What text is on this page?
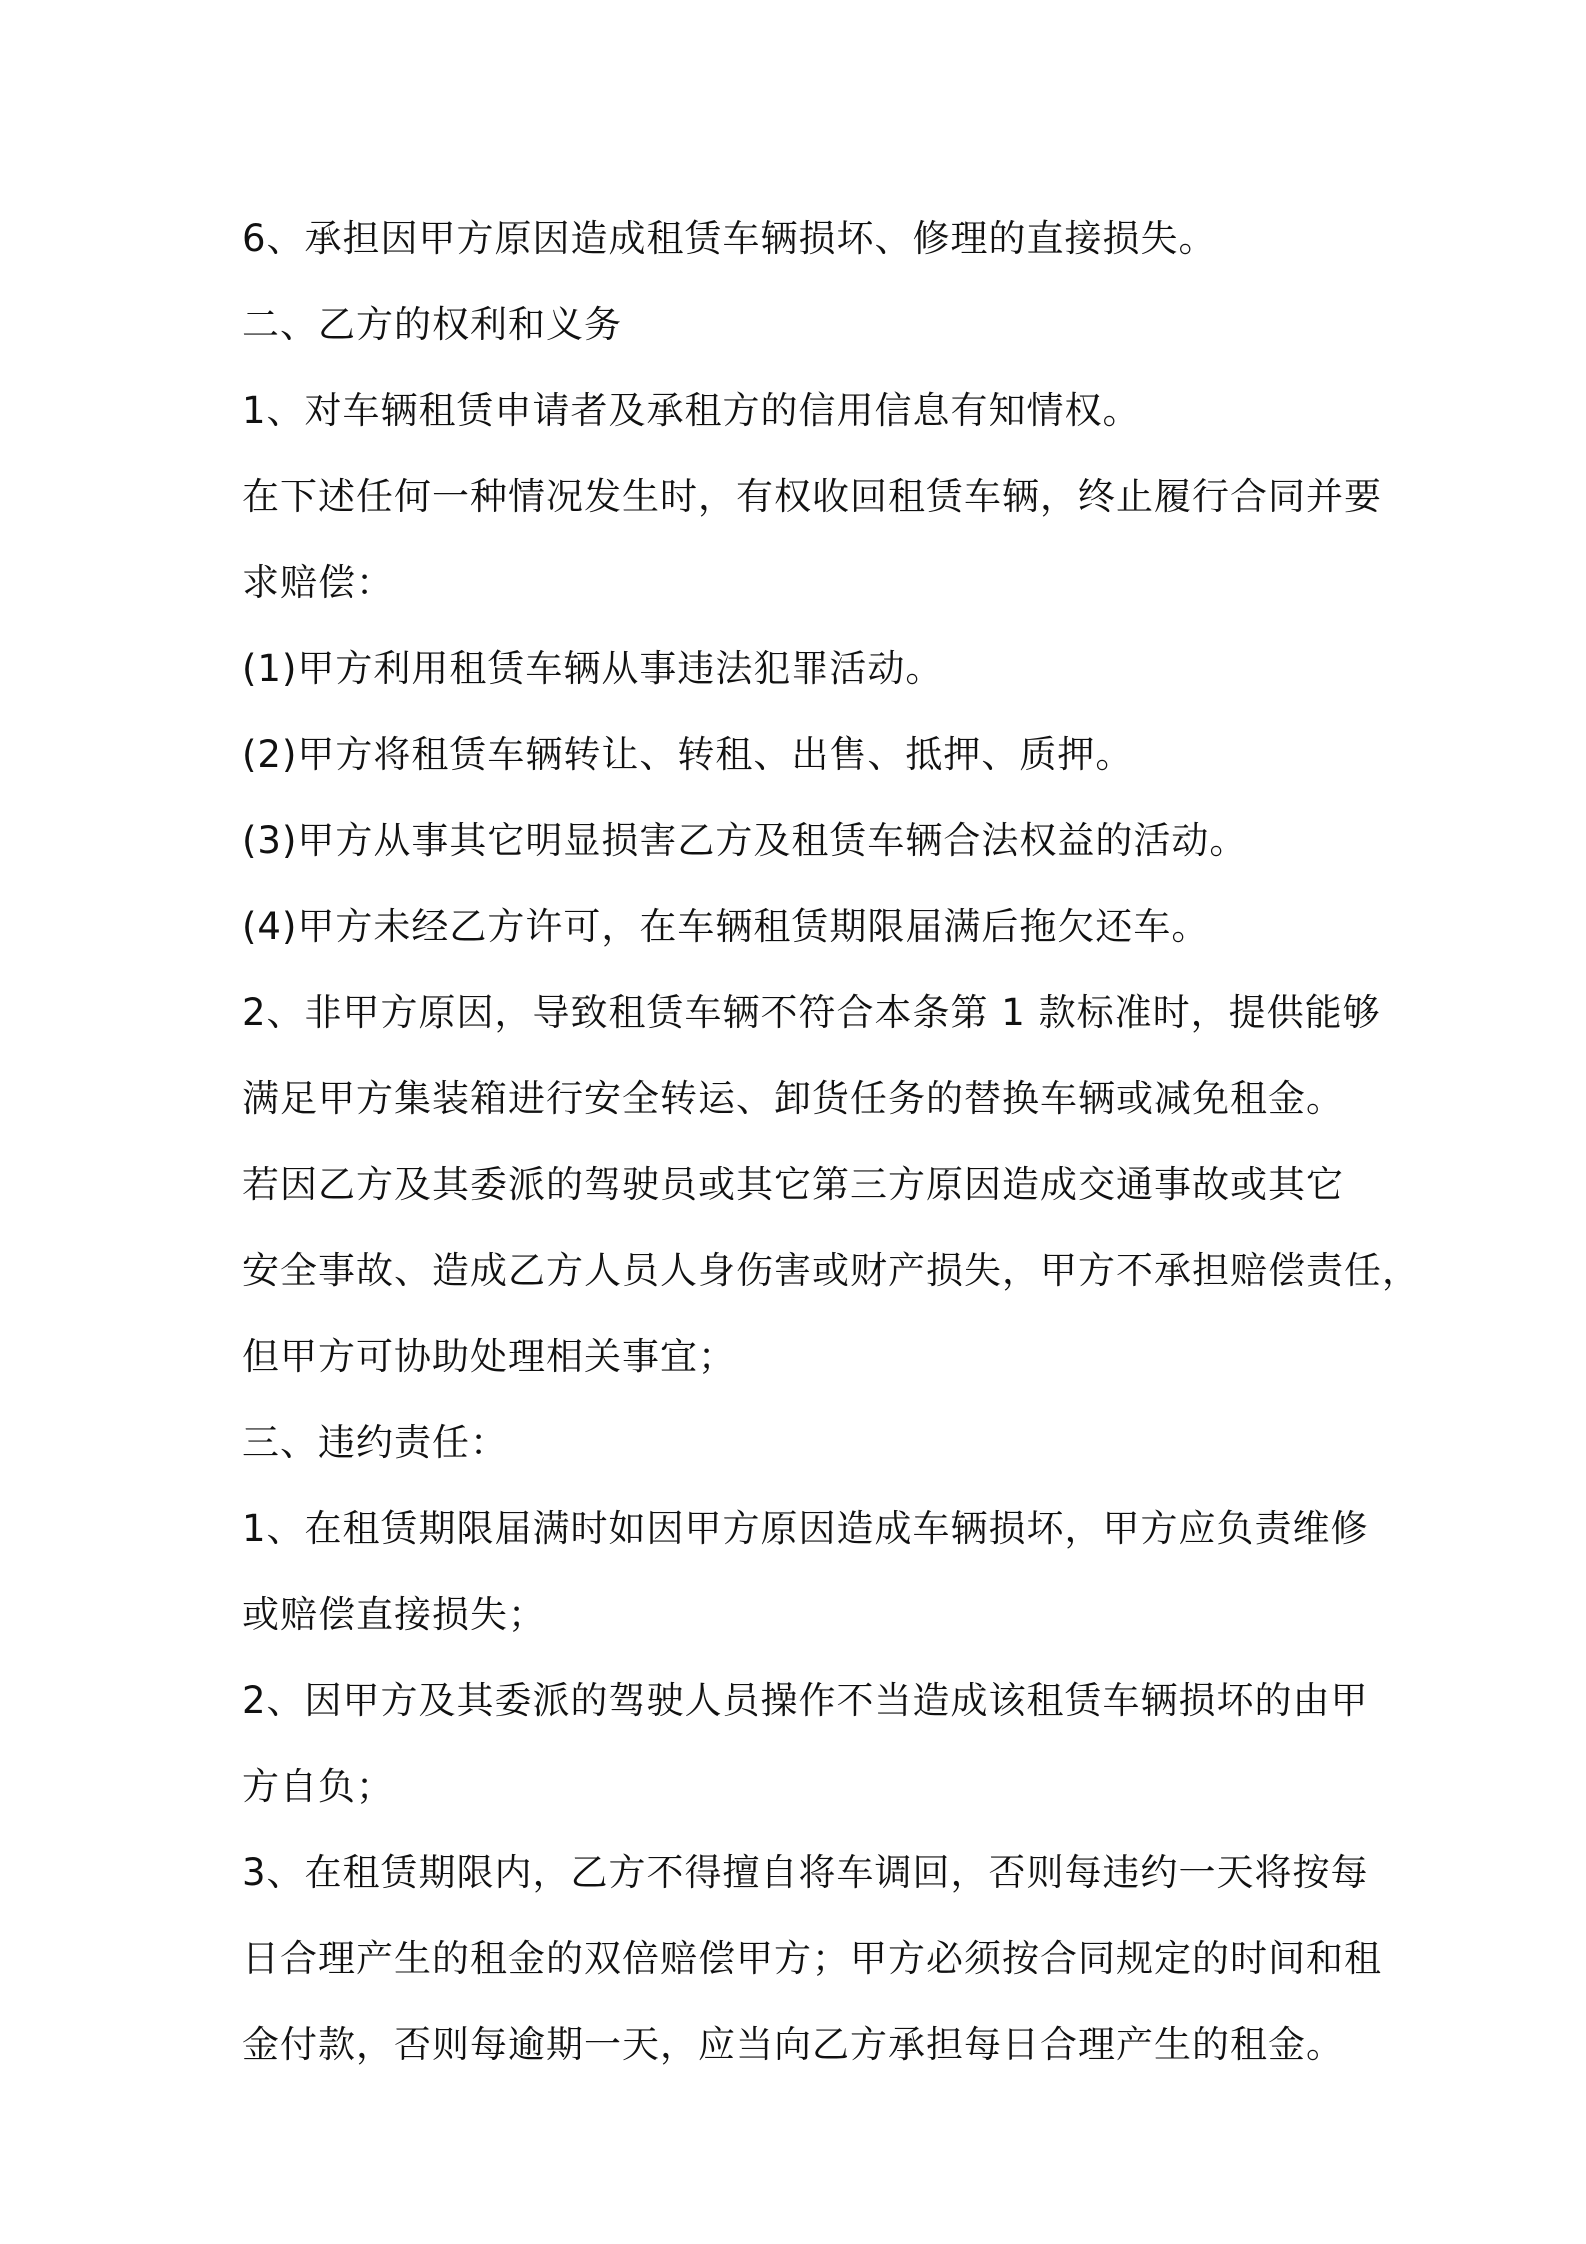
6、承担因甲方原因造成租赁车辆损坏、修理的直接损失。

二、乙方的权利和义务

1、对车辆租赁申请者及承租方的信用信息有知情权。

在下述任何一种情况发生时，有权收回租赁车辆，终止履行合同并要

求赔偿：

(1)甲方利用租赁车辆从事违法犯罪活动。

(2)甲方将租赁车辆转让、转租、出售、抵押、质押。

(3)甲方从事其它明显损害乙方及租赁车辆合法权益的活动。

(4)甲方未经乙方许可，在车辆租赁期限届满后拖欠还车。

2、非甲方原因，导致租赁车辆不符合本条第 1 款标准时，提供能够

满足甲方集装箱进行安全转运、卸货任务的替换车辆或减免租金。

若因乙方及其委派的驾驶员或其它第三方原因造成交通事故或其它

安全事故、造成乙方人员人身伤害或财产损失，甲方不承担赔偿责任，

但甲方可协助处理相关事宜；

三、违约责任：

1、在租赁期限届满时如因甲方原因造成车辆损坏，甲方应负责维修

或赔偿直接损失；

2、因甲方及其委派的驾驶人员操作不当造成该租赁车辆损坏的由甲

方自负；

3、在租赁期限内，乙方不得擅自将车调回，否则每违约一天将按每

日合理产生的租金的双倍赔偿甲方；甲方必须按合同规定的时间和租

金付款，否则每逾期一天，应当向乙方承担每日合理产生的租金。
